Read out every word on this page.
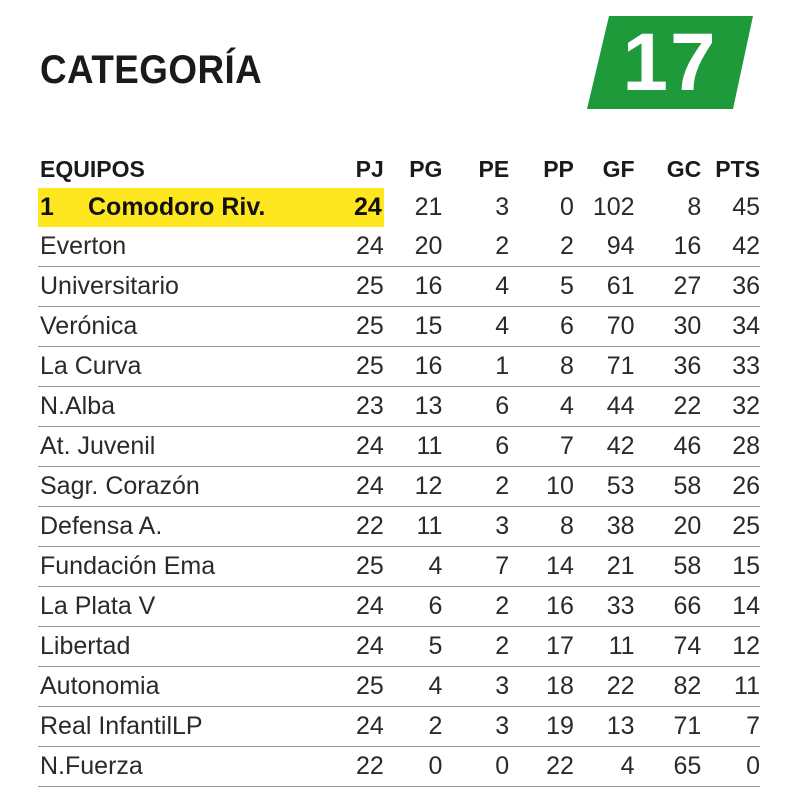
CATEGORÍA	17
EQUIPOS	PJ	PG	PE	PP	GF	GC	PTS
1 Comodoro Riv.	24	21	3	0	102	8	45
Everton	24	20	2	2	94	16	42
Universitario	25	16	4	5	61	27	36
Verónica	25	15	4	6	70	30	34
La Curva	25	16	1	8	71	36	33
N.Alba	23	13	6	4	44	22	32
At. Juvenil	24	11	6	7	42	46	28
Sagr. Corazón	24	12	2	10	53	58	26
Defensa A.	22	11	3	8	38	20	25
Fundación Ema	25	4	7	14	21	58	15
La Plata V	24	6	2	16	33	66	14
Libertad	24	5	2	17	11	74	12
Autonomia	25	4	3	18	22	82	11
Real InfantilLP	24	2	3	19	13	71	7
N.Fuerza	22	0	0	22	4	65	0
